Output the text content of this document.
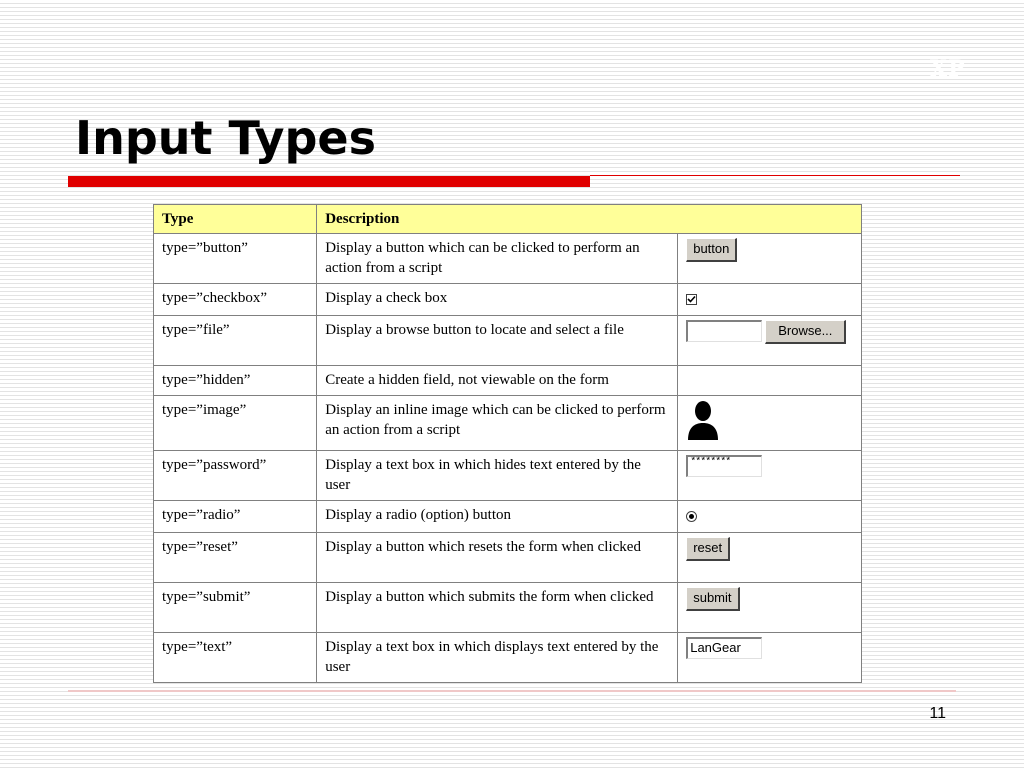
XP
Input Types
Type	Description	
type=”button”	Display a button which can be clicked to perform an action from a script	button
type=”checkbox”	Display a check box	

type=”file”	Display a browse button to locate and select a file	Browse...
type=”hidden”	Create a hidden field, not viewable on the form	
type=”image”	Display an inline image which can be clicked to perform an action from a script	
type=”password”	Display a text box in which hides text entered by the user	********
type=”radio”	Display a radio (option) button	

type=”reset”	Display a button which resets the form when clicked	reset
type=”submit”	Display a button which submits the form when clicked	submit
type=”text”	Display a text box in which displays text entered by the user	LanGear
11
